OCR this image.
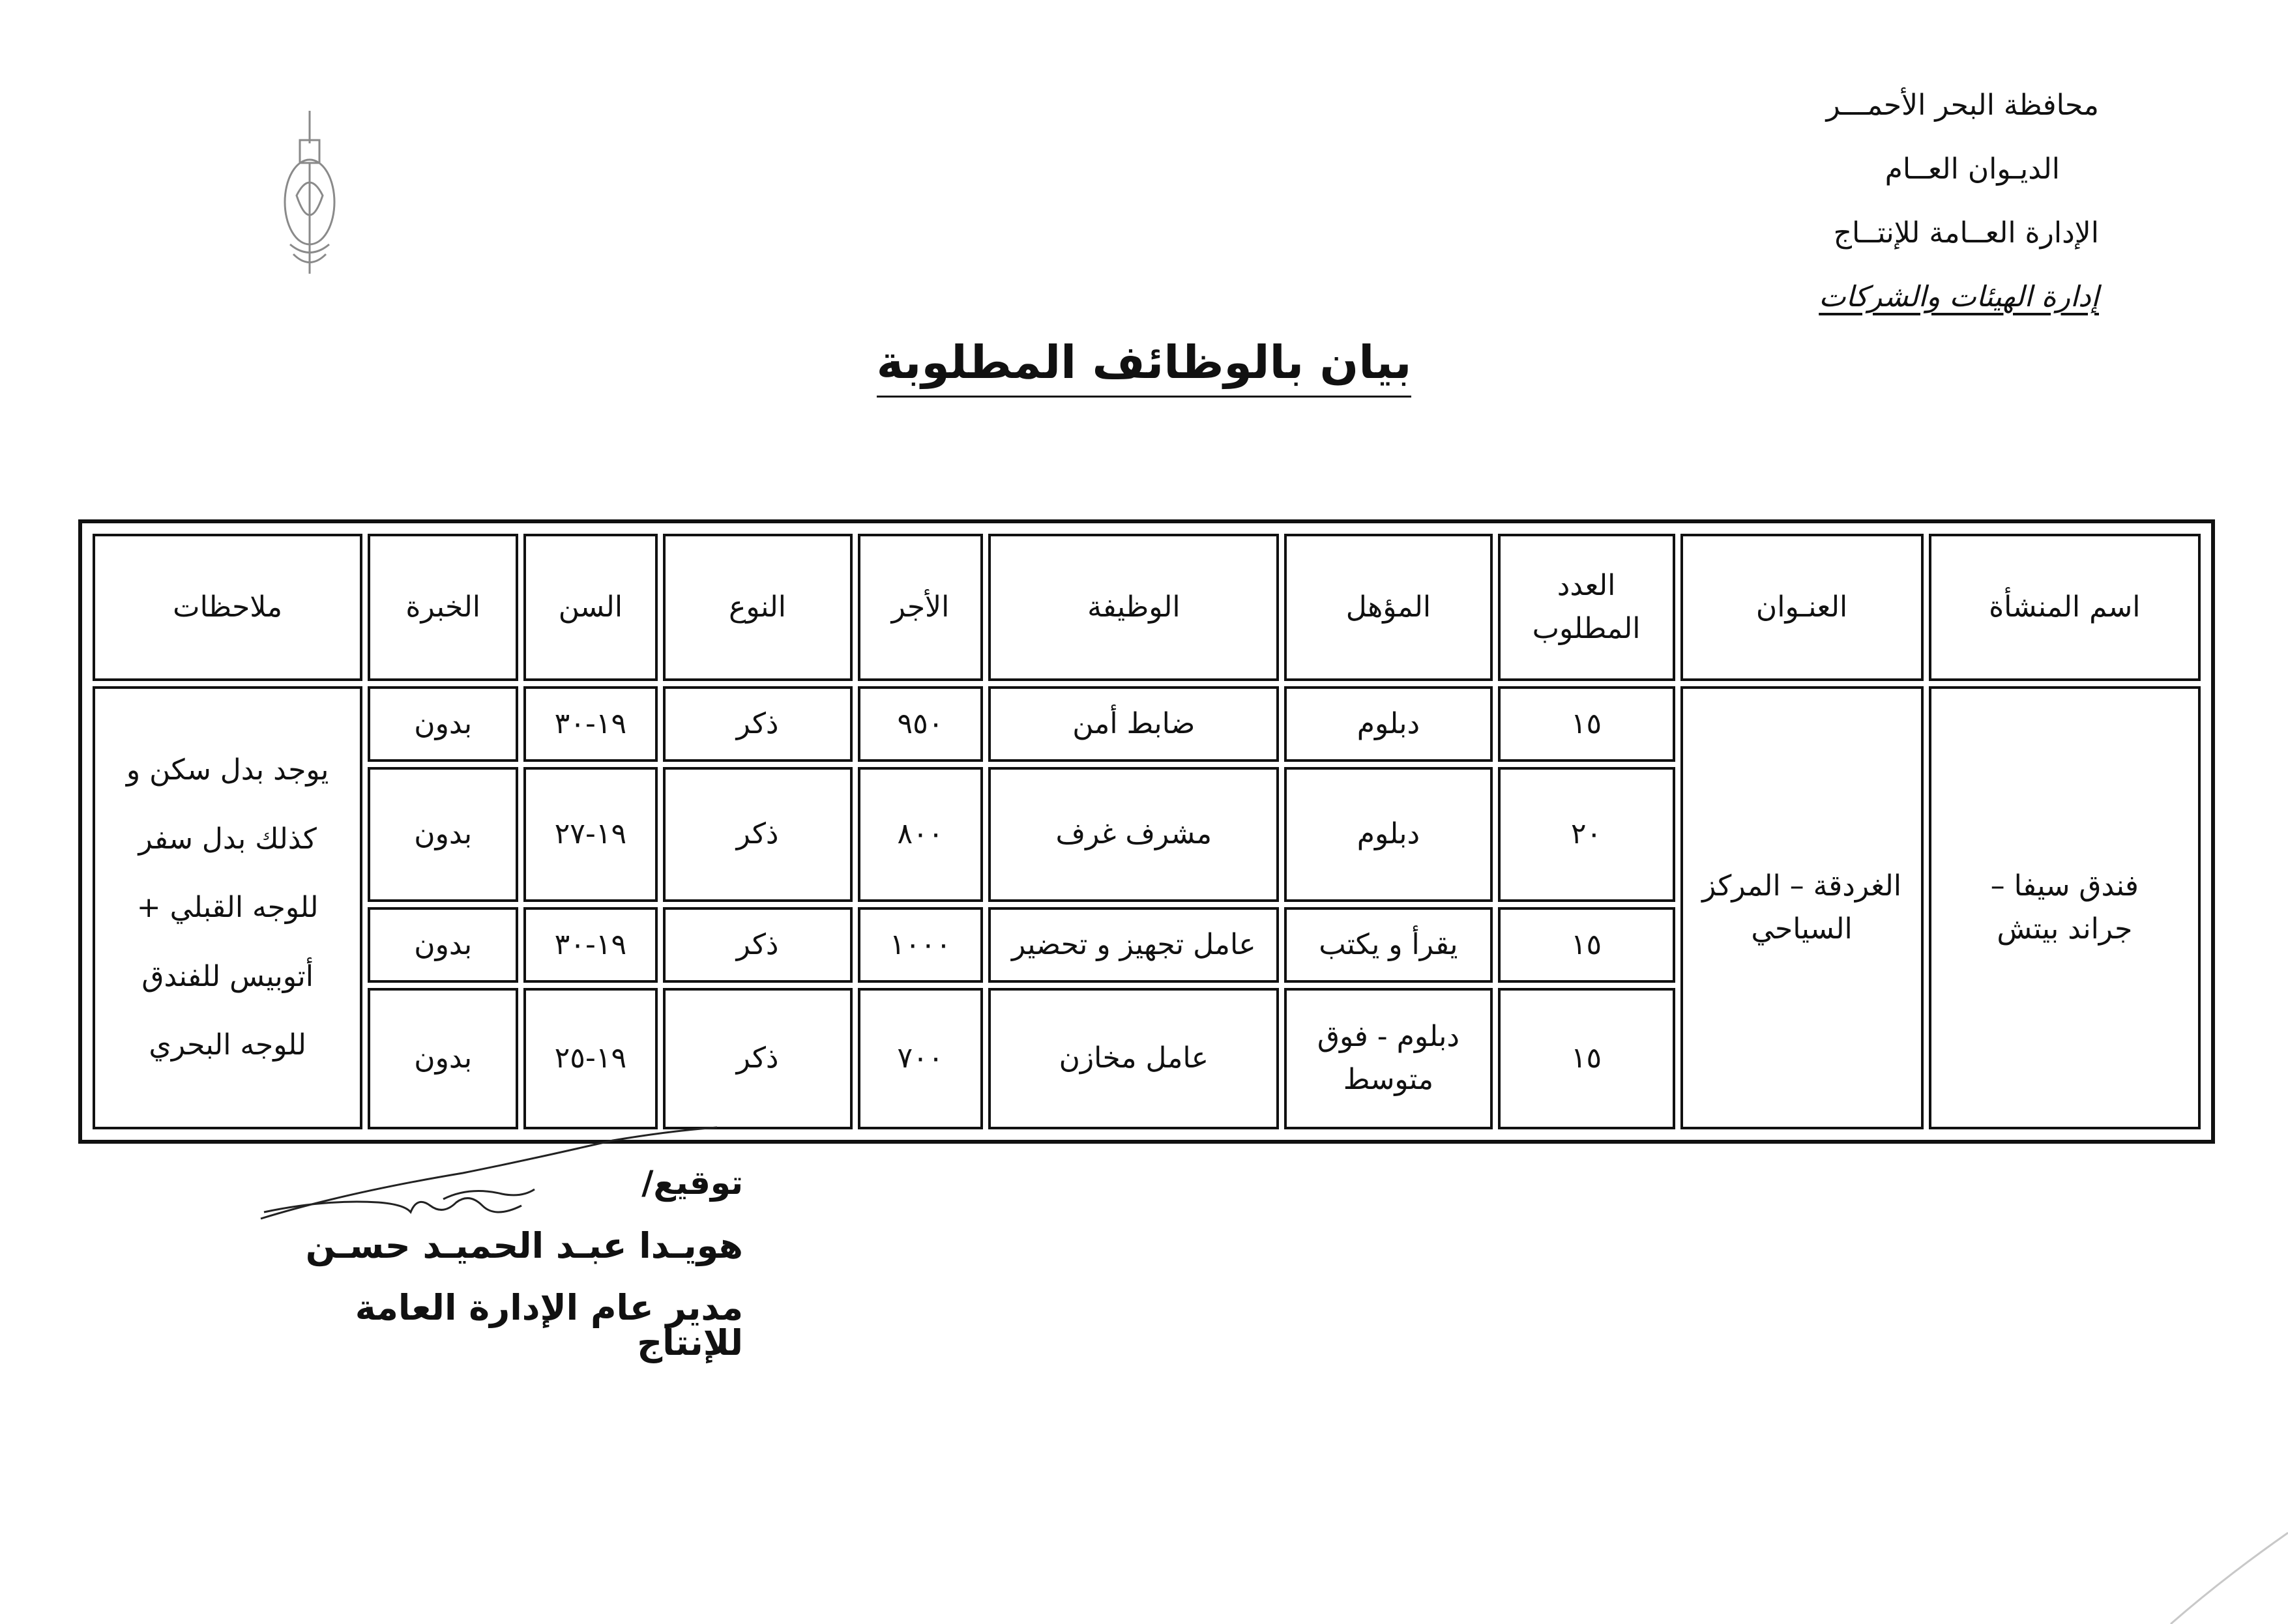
محافظة البحر الأحمـــر
الديـوان العــام
الإدارة العــامة للإنتــاج
إدارة الهيئات والشركات
بيان بالوظائف المطلوبة
اسم المنشأة	العنـوان	العدد المطلوب	المؤهل	الوظيفة	الأجر	النوع	السن	الخبرة	ملاحظات
فندق سيفا – جراند بيتش	الغردقة – المركز السياحي	١٥	دبلوم	ضابط أمن	٩٥٠	ذكر	١٩-٣٠	بدون	يوجد بدل سكن و كذلك بدل سفر للوجه القبلي + أتوبيس للفندق للوجه البحري
		٢٠	دبلوم	مشرف غرف	٨٠٠	ذكر	١٩-٢٧	بدون	
		١٥	يقرأ و يكتب	عامل تجهيز و تحضير	١٠٠٠	ذكر	١٩-٣٠	بدون	
		١٥	دبلوم - فوق متوسط	عامل مخازن	٧٠٠	ذكر	١٩-٢٥	بدون	
توقيع/
هويـدا عبـد الحميـد حسـن
مدير عام الإدارة العامة للإنتاج
